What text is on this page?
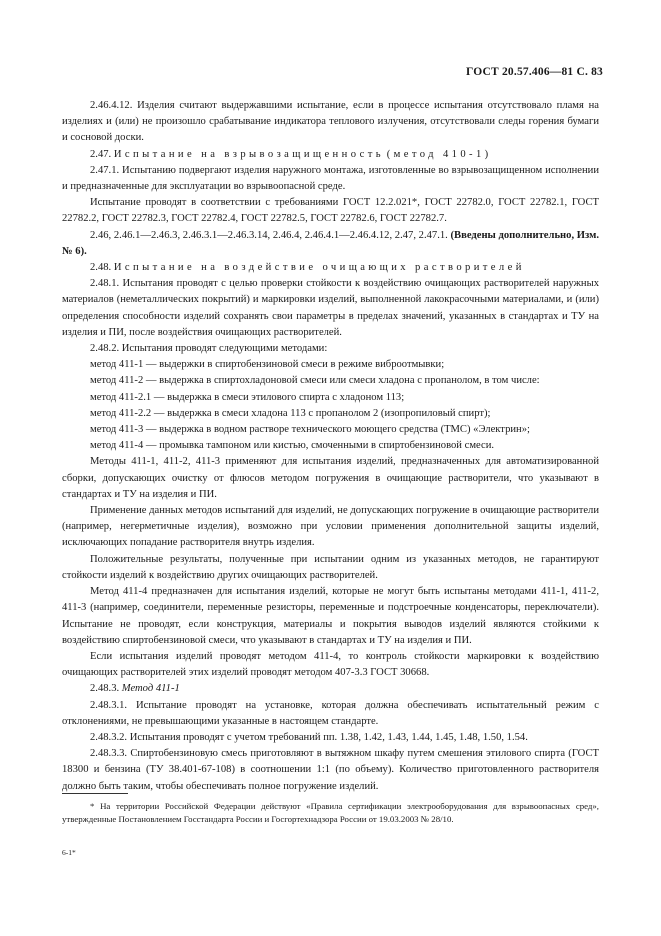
ГОСТ 20.57.406—81 С. 83

2.46.4.12. Изделия считают выдержавшими испытание, если в процессе испытания отсутствовало пламя на изделиях и (или) не произошло срабатывание индикатора теплового излучения, отсутствовали следы горения бумаги и сосновой доски.

2.47. Испытание на взрывозащищенность (метод 410-1)

2.47.1. Испытанию подвергают изделия наружного монтажа, изготовленные во взрывозащищенном исполнении и предназначенные для эксплуатации во взрывоопасной среде.

Испытание проводят в соответствии с требованиями ГОСТ 12.2.021*, ГОСТ 22782.0, ГОСТ 22782.1, ГОСТ 22782.2, ГОСТ 22782.3, ГОСТ 22782.4, ГОСТ 22782.5, ГОСТ 22782.6, ГОСТ 22782.7.

2.46, 2.46.1—2.46.3, 2.46.3.1—2.46.3.14, 2.46.4, 2.46.4.1—2.46.4.12, 2.47, 2.47.1. (Введены дополнительно, Изм. № 6).

2.48. Испытание на воздействие очищающих растворителей

2.48.1. Испытания проводят с целью проверки стойкости к воздействию очищающих растворителей наружных материалов (неметаллических покрытий) и маркировки изделий, выполненной лакокрасочными материалами, и (или) определения способности изделий сохранять свои параметры в пределах значений, указанных в стандартах и ТУ на изделия и ПИ, после воздействия очищающих растворителей.

2.48.2. Испытания проводят следующими методами:

метод 411-1 — выдержки в спиртобензиновой смеси в режиме виброотмывки;

метод 411-2 — выдержка в спиртохладоновой смеси или смеси хладона с пропанолом, в том числе:

метод 411-2.1 — выдержка в смеси этилового спирта с хладоном 113;

метод 411-2.2 — выдержка в смеси хладона 113 с пропанолом 2 (изопропиловый спирт);

метод 411-3 — выдержка в водном растворе технического моющего средства (ТМС) «Электрин»;

метод 411-4 — промывка тампоном или кистью, смоченными в спиртобензиновой смеси.

Методы 411-1, 411-2, 411-3 применяют для испытания изделий, предназначенных для автоматизированной сборки, допускающих очистку от флюсов методом погружения в очищающие растворители, что указывают в стандартах и ТУ на изделия и ПИ.

Применение данных методов испытаний для изделий, не допускающих погружение в очищающие растворители (например, негерметичные изделия), возможно при условии применения дополнительной защиты изделий, исключающих попадание растворителя внутрь изделия.

Положительные результаты, полученные при испытании одним из указанных методов, не гарантируют стойкости изделий к воздействию других очищающих растворителей.

Метод 411-4 предназначен для испытания изделий, которые не могут быть испытаны методами 411-1, 411-2, 411-3 (например, соединители, переменные резисторы, переменные и подстроечные конденсаторы, переключатели). Испытание не проводят, если конструкция, материалы и покрытия выводов изделий являются стойкими к воздействию спиртобензиновой смеси, что указывают в стандартах и ТУ на изделия и ПИ.

Если испытания изделий проводят методом 411-4, то контроль стойкости маркировки к воздействию очищающих растворителей этих изделий проводят методом 407-3.3 ГОСТ 30668.

2.48.3. Метод 411-1

2.48.3.1. Испытание проводят на установке, которая должна обеспечивать испытательный режим с отклонениями, не превышающими указанные в настоящем стандарте.

2.48.3.2. Испытания проводят с учетом требований пп. 1.38, 1.42, 1.43, 1.44, 1.45, 1.48, 1.50, 1.54.

2.48.3.3. Спиртобензиновую смесь приготовляют в вытяжном шкафу путем смешения этилового спирта (ГОСТ 18300 и бензина (ТУ 38.401-67-108) в соотношении 1:1 (по объему). Количество приготовленного растворителя должно быть таким, чтобы обеспечивать полное погружение изделий.

* На территории Российской Федерации действуют «Правила сертификации электрооборудования для взрывоопасных сред», утвержденные Постановлением Госстандарта России и Госгортехнадзора России от 19.03.2003 № 28/10.

6-1*
